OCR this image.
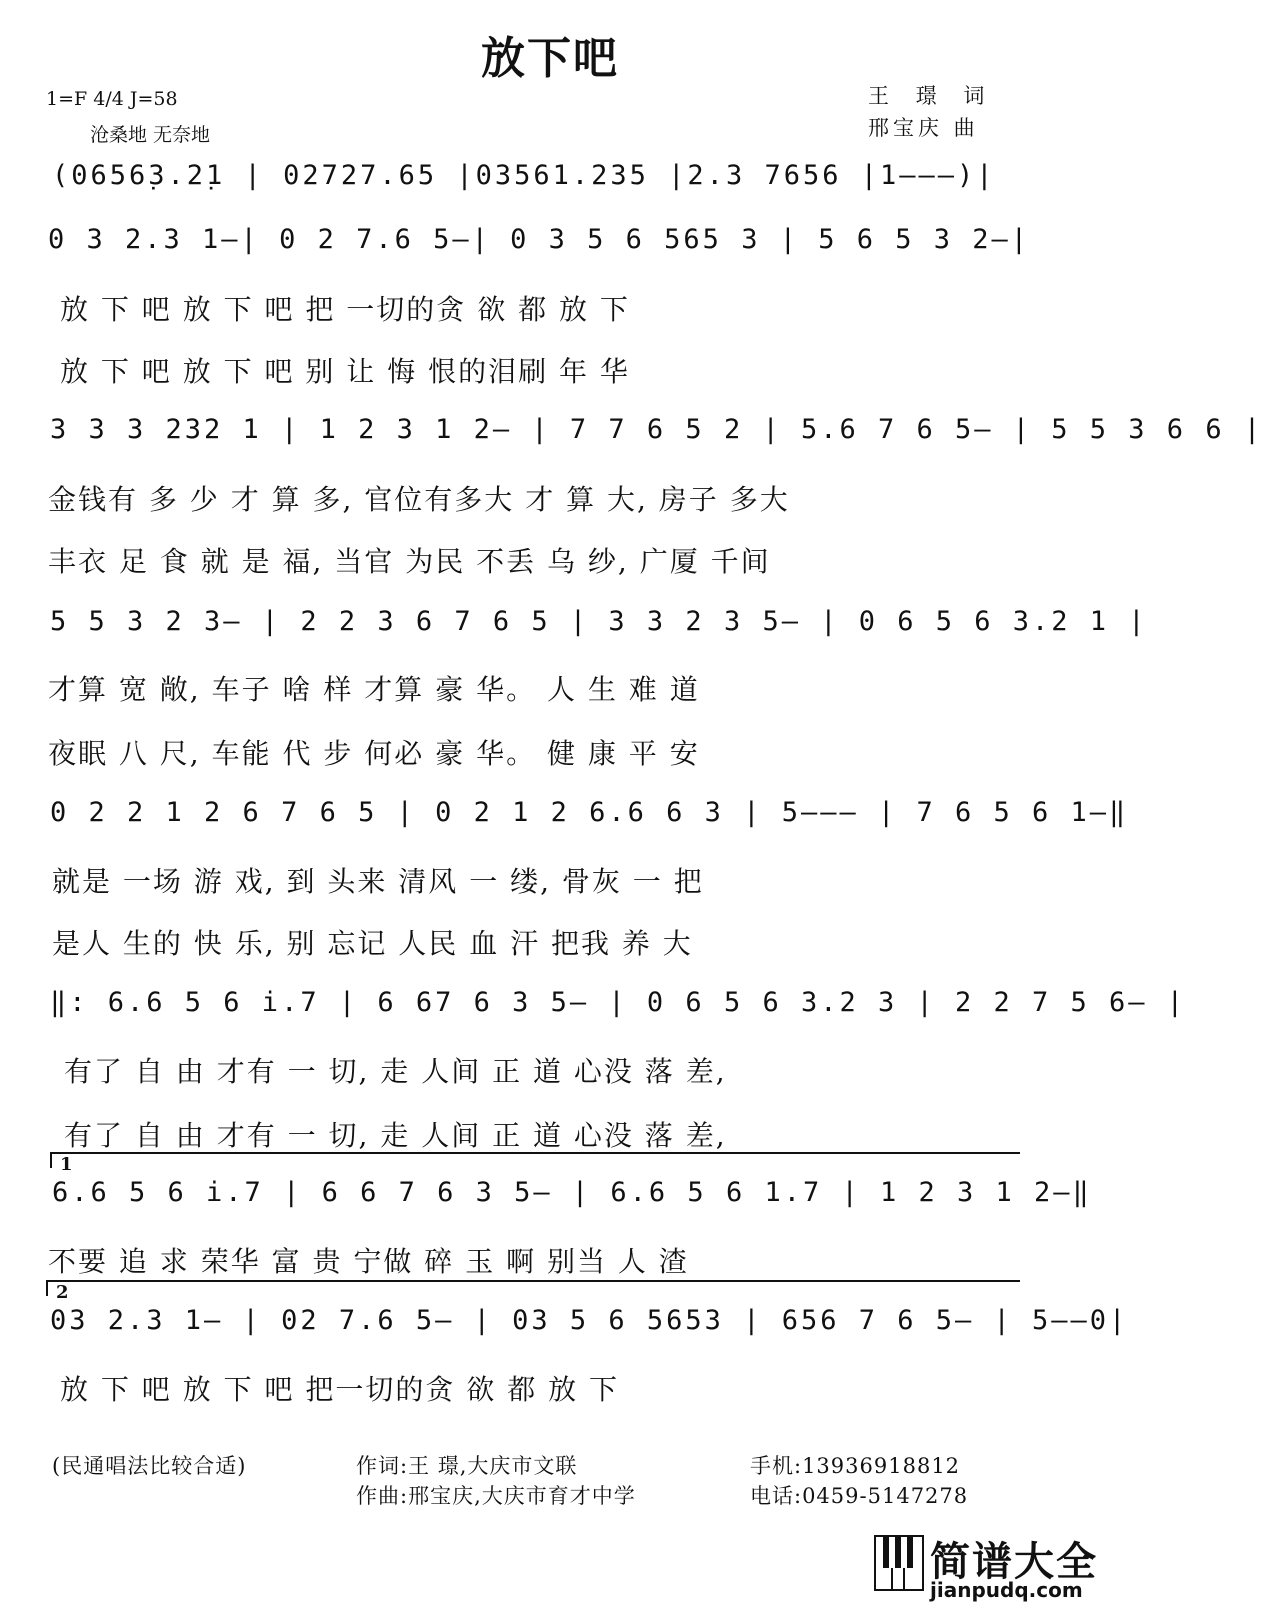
放下吧
1=F 4/4 J=58
沧桑地 无奈地
王 璟 词
邢宝庆 曲
(0656̣3.2̣1 | 02727.65 |03561.235 |2.3 7656 |1———)|
0 3 2.3 1—| 0 2 7.6 5—| 0 3 5 6 565 3 | 5 6 5 3 2—|
3 3 3 232 1 | 1 2 3 1 2— | 7 7 6 5 2 | 5.6 7 6 5— | 5 5 3 6 6 |
5 5 3 2 3— | 2 2 3 6 7 6 5 | 3 3 2 3 5— | 0 6 5 6 3.2 1 |
0 2 2 1 2 6 7 6 5 | 0 2 1 2 6.6 6 3 | 5——— | 7 6 5 6 1—‖
‖: 6.6 5 6 i.7 | 6 67 6 3 5— | 0 6 5 6 3.2 3 | 2 2 7 5 6— |
6.6 5 6 i.7 | 6 6 7 6 3 5— | 6.6 5 6 1.7 | 1 2 3 1 2—‖
03 2.3 1— | 02 7.6 5— | 03 5 6 5653 | 656 7 6 5— | 5——0|
放 下 吧 放 下 吧 把 一切的贪 欲 都 放 下
放 下 吧 放 下 吧 别 让 悔 恨的泪刷 年 华
金钱有 多 少 才 算 多, 官位有多大 才 算 大, 房子 多大
丰衣 足 食 就 是 福, 当官 为民 不丢 乌 纱, 广厦 千间
才算 宽 敞, 车子 啥 样 才算 豪 华。 人 生 难 道
夜眠 八 尺, 车能 代 步 何必 豪 华。 健 康 平 安
就是 一场 游 戏, 到 头来 清风 一 缕, 骨灰 一 把
是人 生的 快 乐, 别 忘记 人民 血 汗 把我 养 大
有了 自 由 才有 一 切, 走 人间 正 道 心没 落 差,
有了 自 由 才有 一 切, 走 人间 正 道 心没 落 差,
不要 追 求 荣华 富 贵 宁做 碎 玉 啊 别当 人 渣
放 下 吧 放 下 吧 把一切的贪 欲 都 放 下
1
2
(民通唱法比较合适)	作词:王 璟,大庆市文联
作曲:邢宝庆,大庆市育才中学
手机:13936918812
电话:0459-5147278
简谱大全
jianpudq.com
